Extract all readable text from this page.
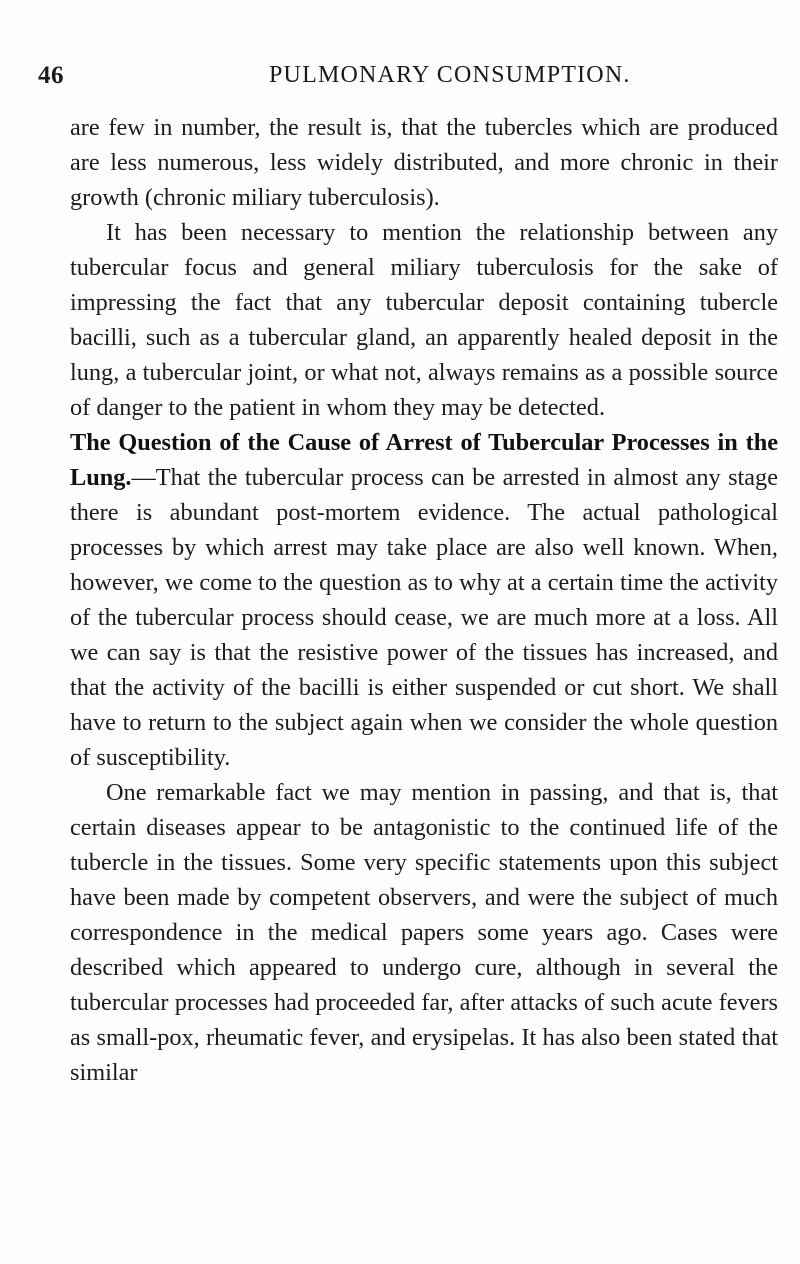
46	PULMONARY CONSUMPTION.

are few in number, the result is, that the tubercles which are produced are less numerous, less widely distributed, and more chronic in their growth (chronic miliary tuberculosis).

It has been necessary to mention the relationship between any tubercular focus and general miliary tuberculosis for the sake of impressing the fact that any tubercular deposit containing tubercle bacilli, such as a tubercular gland, an apparently healed deposit in the lung, a tubercular joint, or what not, always remains as a possible source of danger to the patient in whom they may be detected.

The Question of the Cause of Arrest of Tubercular Processes in the Lung.—That the tubercular process can be arrested in almost any stage there is abundant post-mortem evidence. The actual pathological processes by which arrest may take place are also well known. When, however, we come to the question as to why at a certain time the activity of the tubercular process should cease, we are much more at a loss. All we can say is that the resistive power of the tissues has increased, and that the activity of the bacilli is either suspended or cut short. We shall have to return to the subject again when we consider the whole question of susceptibility.

One remarkable fact we may mention in passing, and that is, that certain diseases appear to be antagonistic to the continued life of the tubercle in the tissues. Some very specific statements upon this subject have been made by competent observers, and were the subject of much correspondence in the medical papers some years ago. Cases were described which appeared to undergo cure, although in several the tubercular processes had proceeded far, after attacks of such acute fevers as small-pox, rheumatic fever, and erysipelas. It has also been stated that similar
